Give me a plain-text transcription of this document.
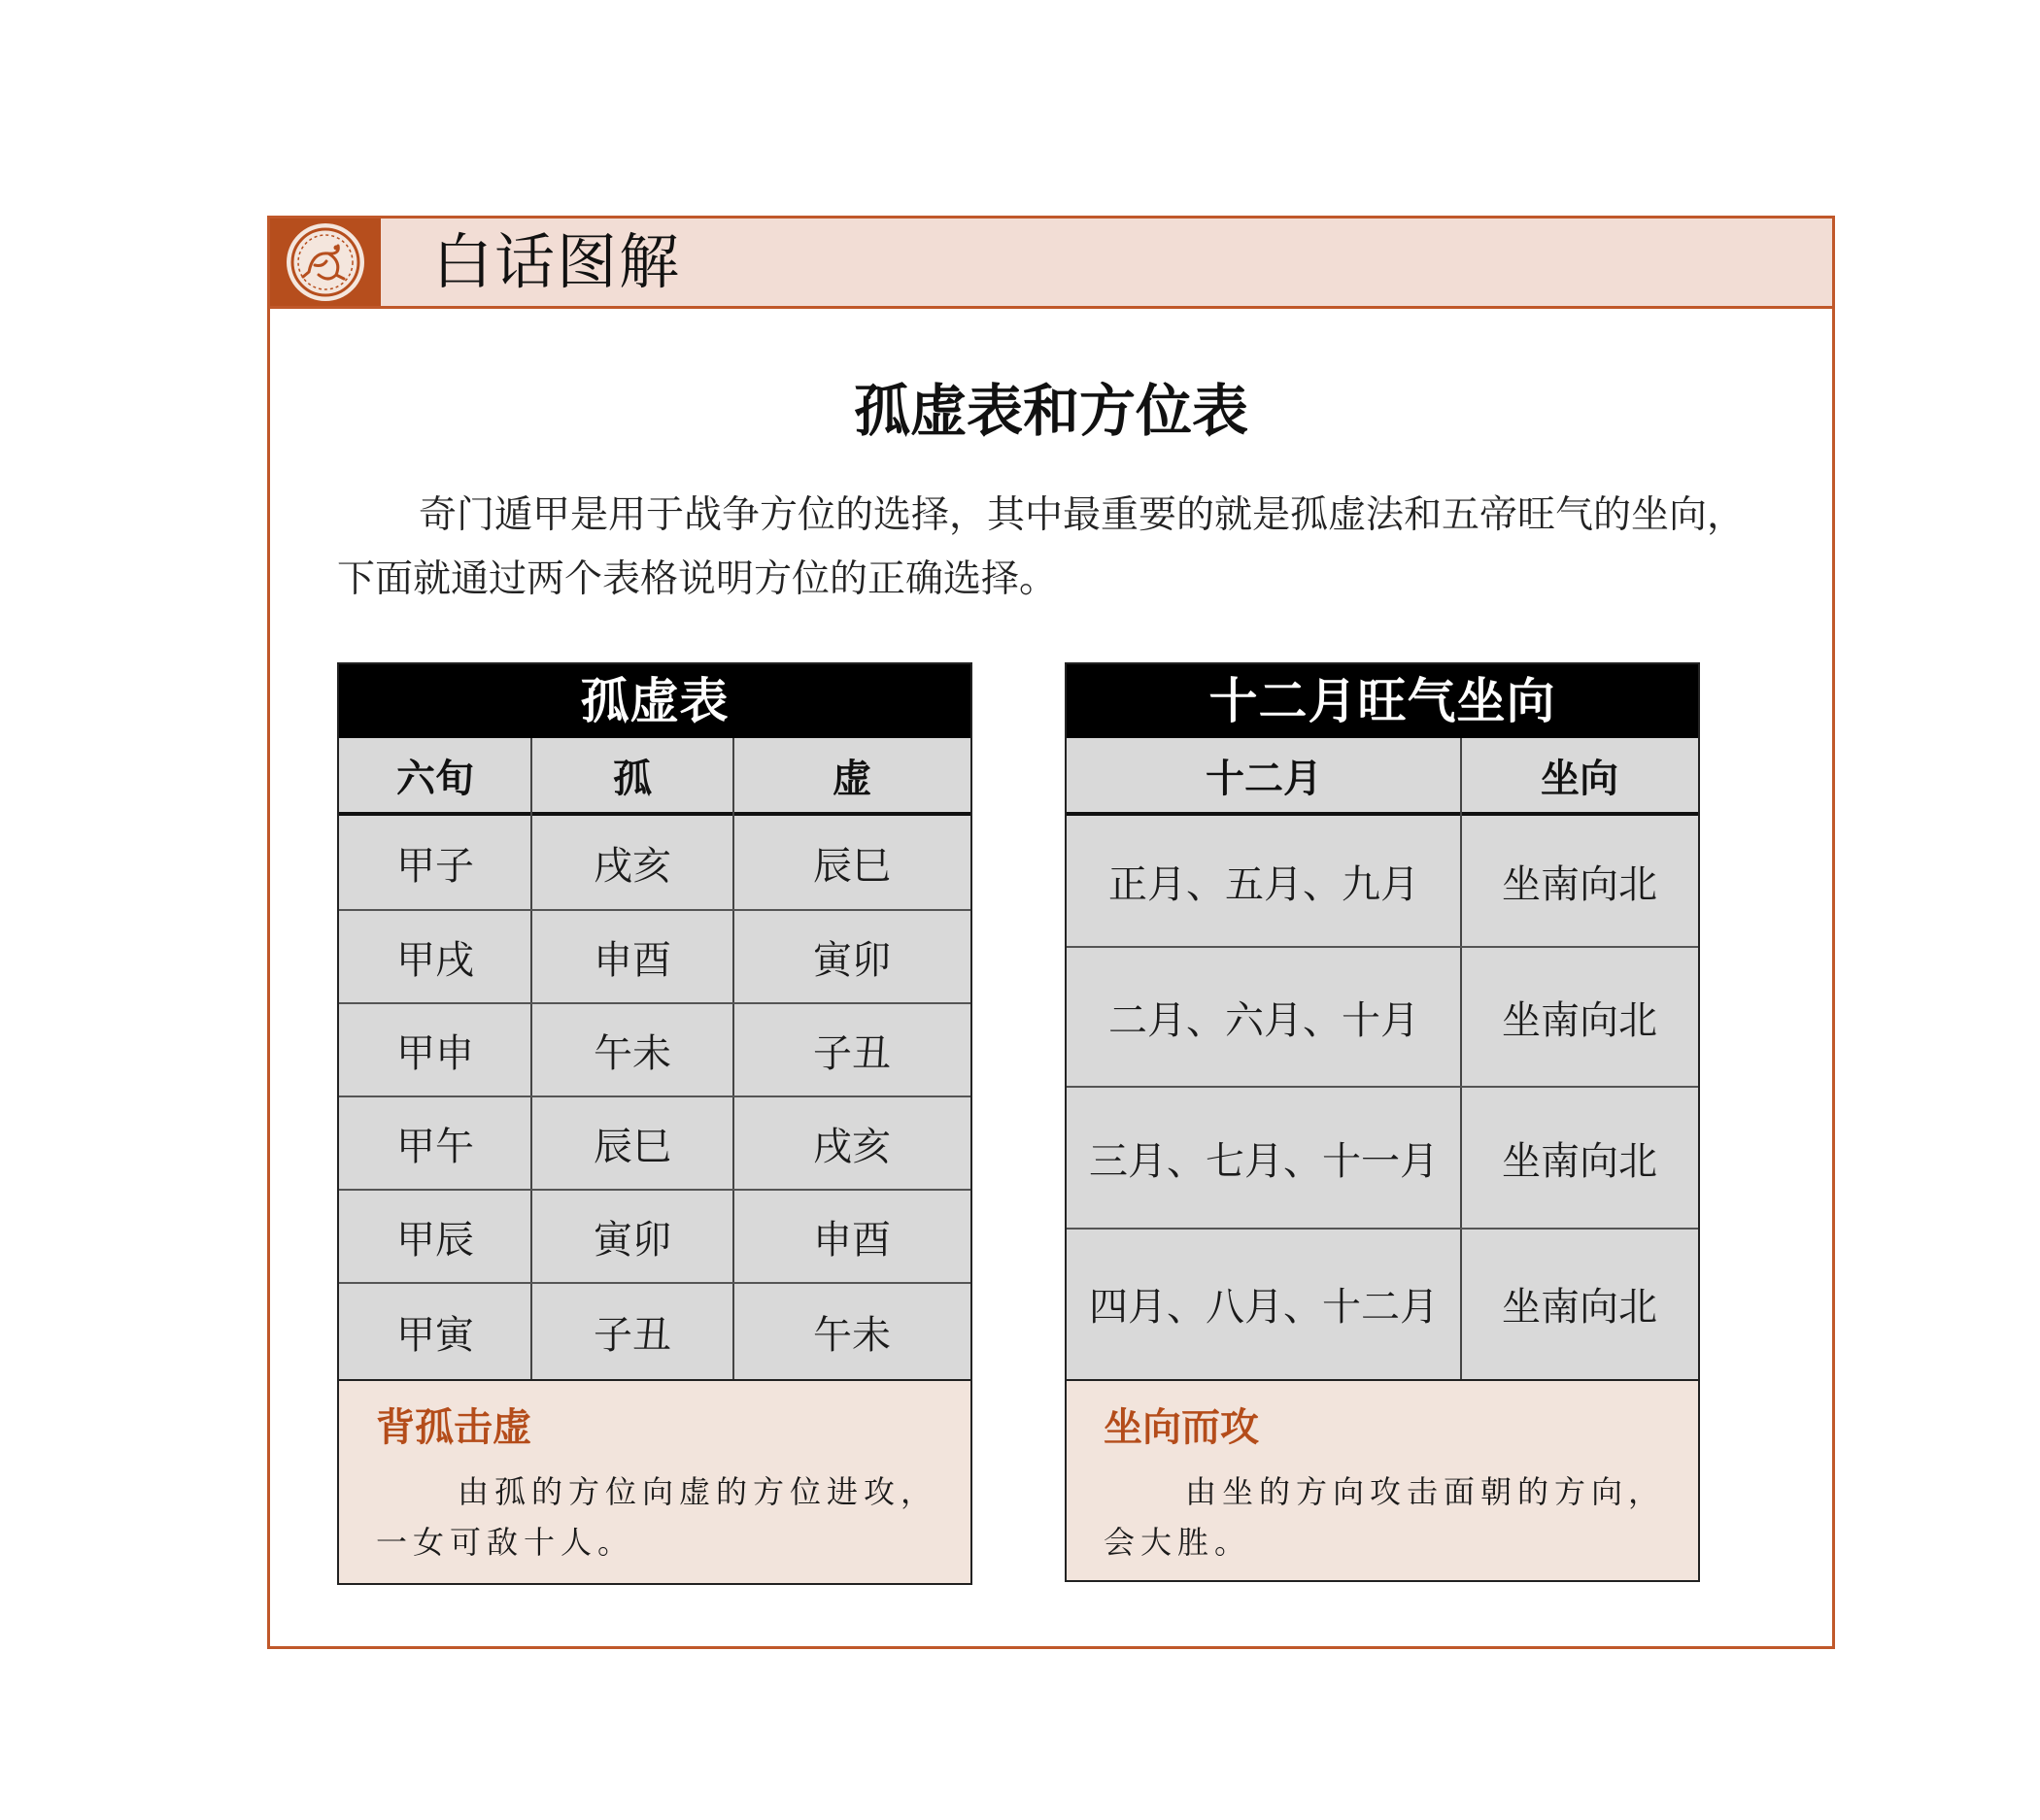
白话图解
孤虚表和方位表

奇门遁甲是用于战争方位的选择，其中最重要的就是孤虚法和五帝旺气的坐向，下面就通过两个表格说明方位的正确选择。

孤虚表
六旬	孤	虚
甲子	戌亥	辰巳
甲戌	申酉	寅卯
甲申	午未	子丑
甲午	辰巳	戌亥
甲辰	寅卯	申酉
甲寅	子丑	午未
背孤击虚

由孤的方位向虚的方位进攻，一女可敌十人。

十二月旺气坐向
十二月	坐向
正月、五月、九月	坐南向北
二月、六月、十月	坐南向北
三月、七月、十一月	坐南向北
四月、八月、十二月	坐南向北
坐向而攻

由坐的方向攻击面朝的方向，会大胜。
